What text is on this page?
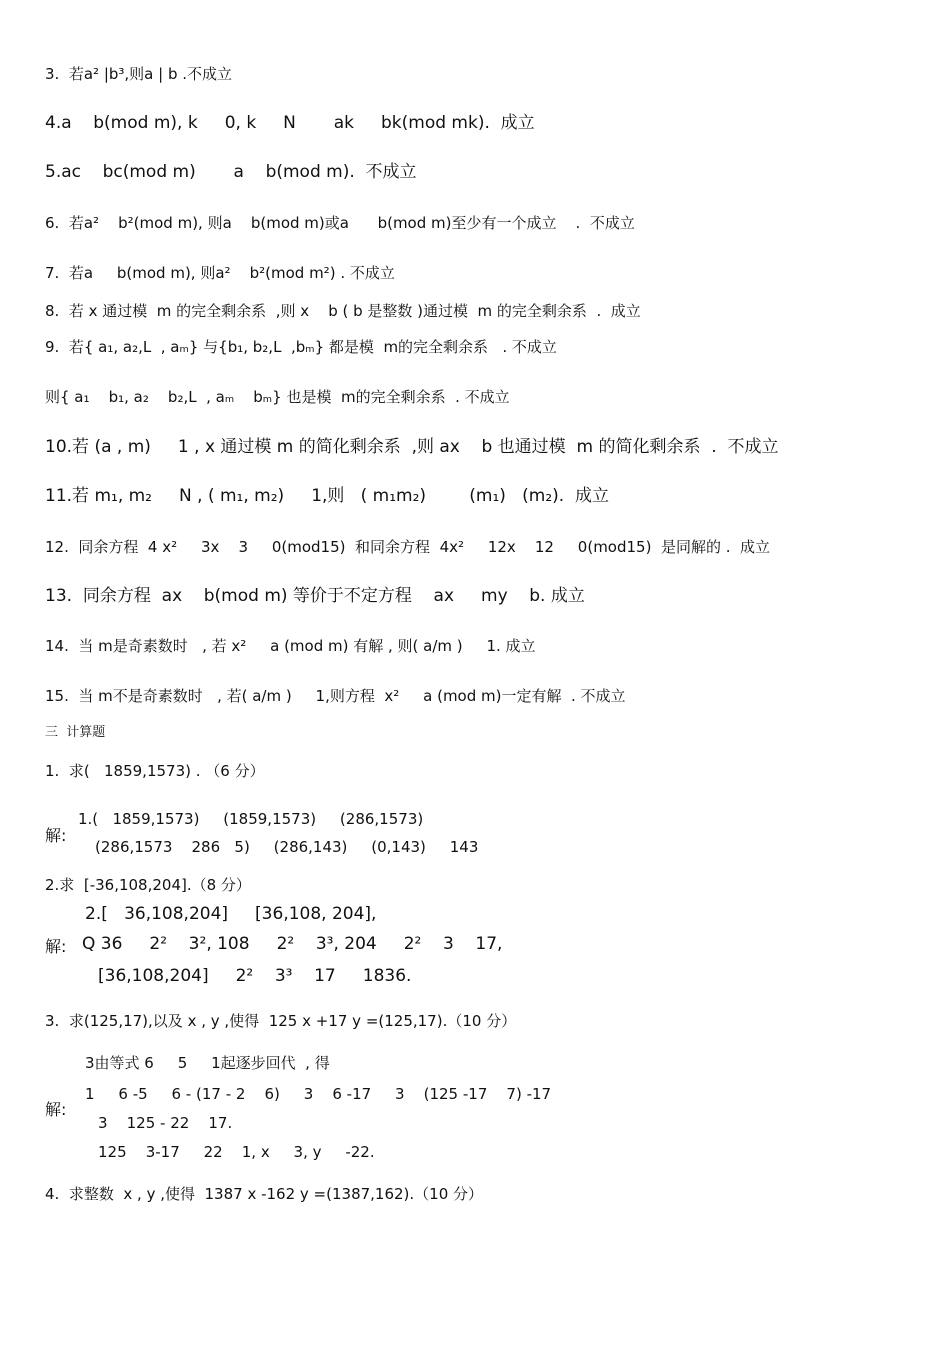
3.  若a² |b³,则a | b .不成立
4.a    b(mod m), k     0, k     N       ak     bk(mod mk).  成立
5.ac    bc(mod m)       a    b(mod m).  不成立
6.  若a²    b²(mod m), 则a    b(mod m)或a      b(mod m)至少有一个成立    .  不成立
7.  若a     b(mod m), 则a²    b²(mod m²) . 不成立
8.  若 x 通过模  m 的完全剩余系  ,则 x    b ( b 是整数 )通过模  m 的完全剩余系  .  成立
9.  若{ a₁, a₂,L  , aₘ} 与{b₁, b₂,L  ,bₘ} 都是模  m的完全剩余系   . 不成立
则{ a₁    b₁, a₂    b₂,L  , aₘ    bₘ} 也是模  m的完全剩余系  . 不成立
10.若 (a , m)     1 , x 通过模 m 的简化剩余系  ,则 ax    b 也通过模  m 的简化剩余系  .  不成立
11.若 m₁, m₂     N , ( m₁, m₂)     1,则   ( m₁m₂)        (m₁)   (m₂).  成立
12.  同余方程  4 x²     3x    3     0(mod15)  和同余方程  4x²     12x    12     0(mod15)  是同解的 .  成立
13.  同余方程  ax    b(mod m) 等价于不定方程    ax     my    b. 成立
14.  当 m是奇素数时   , 若 x²     a (mod m) 有解 , 则( a/m )     1. 成立
15.  当 m不是奇素数时   , 若( a/m )     1,则方程  x²     a (mod m)一定有解  . 不成立
三  计算题
1.  求(   1859,1573) . （6 分）
解:
1.(   1859,1573)     (1859,1573)     (286,1573)
(286,1573    286   5)     (286,143)     (0,143)     143
2.求  [-36,108,204].（8 分）
2.[   36,108,204]     [36,108, 204],
解: Q 36     2²    3², 108     2²    3³, 204     2²    3    17,
[36,108,204]     2²    3³    17     1836.
3.  求(125,17),以及 x , y ,使得  125 x +17 y =(125,17).（10 分）
3由等式 6     5     1起逐步回代  , 得
解:
1     6 -5     6 - (17 - 2    6)     3    6 -17     3    (125 -17    7) -17
3    125 - 22    17.
125    3-17     22    1, x     3, y     -22.
4.  求整数  x , y ,使得  1387 x -162 y =(1387,162).（10 分）
